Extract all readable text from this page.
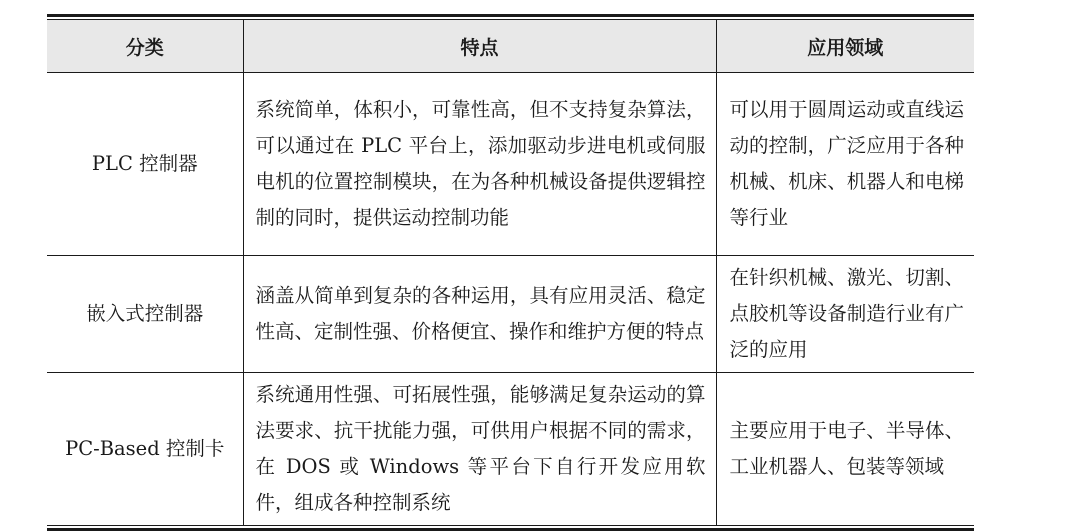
分类	特点	应用领域
PLC 控制器	系统简单，体积小，可靠性高，但不支持复杂算法，可以通过在 PLC 平台上，添加驱动步进电机或伺服电机的位置控制模块，在为各种机械设备提供逻辑控制的同时，提供运动控制功能	可以用于圆周运动或直线运动的控制，广泛应用于各种机械、机床、机器人和电梯等行业
嵌入式控制器	涵盖从简单到复杂的各种运用，具有应用灵活、稳定性高、定制性强、价格便宜、操作和维护方便的特点	在针织机械、激光、切割、点胶机等设备制造行业有广泛的应用
PC-Based 控制卡	系统通用性强、可拓展性强，能够满足复杂运动的算法要求、抗干扰能力强，可供用户根据不同的需求，在 DOS 或 Windows 等平台下自行开发应用软件，组成各种控制系统	主要应用于电子、半导体、工业机器人、包装等领域
